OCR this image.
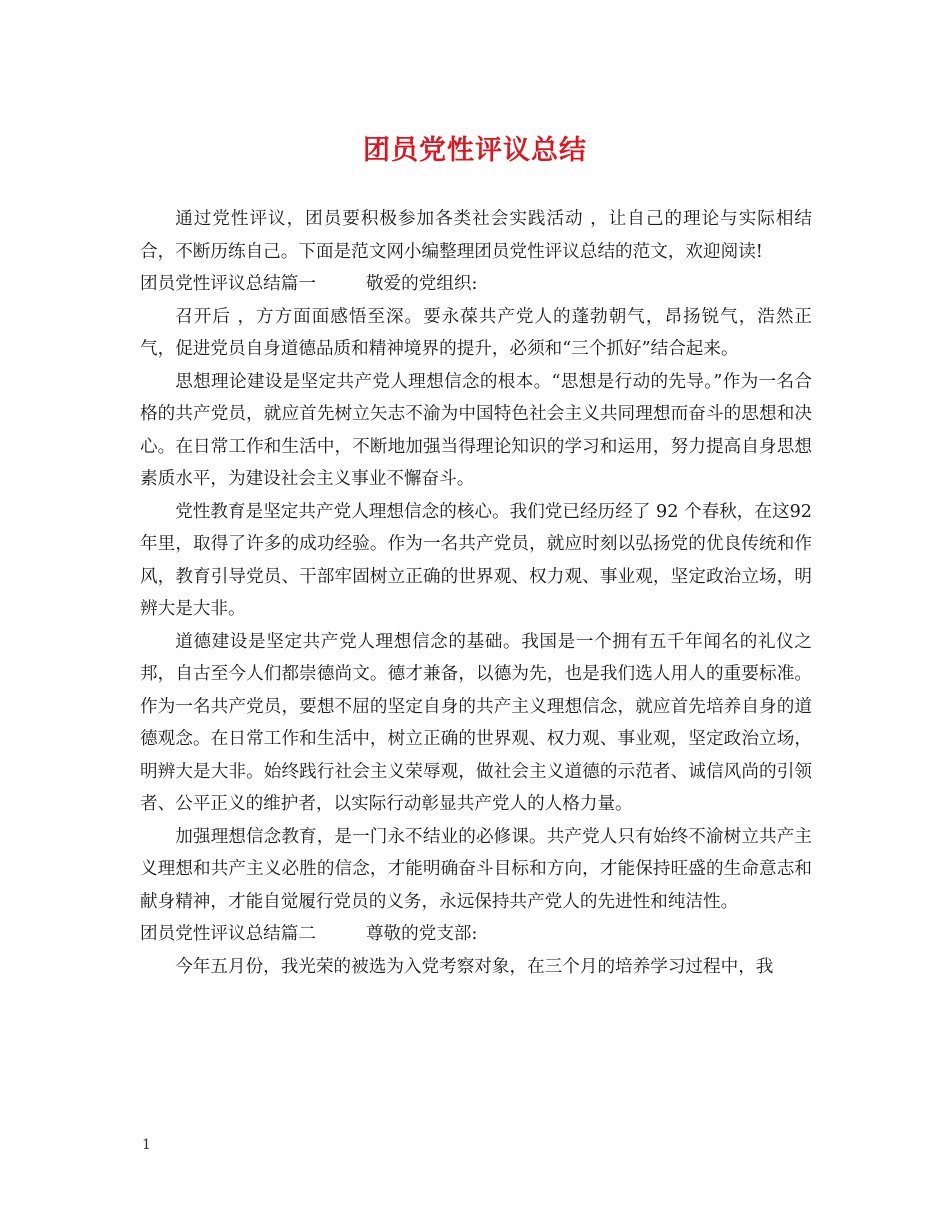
团员党性评议总结

通过党性评议，团员要积极参加各类社会实践活动 ，让自己的理论与实际相结合，不断历练自己。下面是范文网小编整理团员党性评议总结的范文，欢迎阅读!

团员党性评议总结篇一	敬爱的党组织:

召开后 ，方方面面感悟至深。要永葆共产党人的蓬勃朝气，昂扬锐气，浩然正气，促进党员自身道德品质和精神境界的提升，必须和“三个抓好”结合起来。

思想理论建设是坚定共产党人理想信念的根本。“思想是行动的先导。”作为一名合格的共产党员，就应首先树立矢志不渝为中国特色社会主义共同理想而奋斗的思想和决心。在日常工作和生活中，不断地加强当得理论知识的学习和运用，努力提高自身思想素质水平，为建设社会主义事业不懈奋斗。

党性教育是坚定共产党人理想信念的核心。我们党已经历经了 92 个春秋，在这92年里，取得了许多的成功经验。作为一名共产党员，就应时刻以弘扬党的优良传统和作风，教育引导党员、干部牢固树立正确的世界观、权力观、事业观，坚定政治立场，明辨大是大非。

道德建设是坚定共产党人理想信念的基础。我国是一个拥有五千年闻名的礼仪之邦，自古至今人们都崇德尚文。德才兼备，以德为先，也是我们选人用人的重要标准。作为一名共产党员，要想不屈的坚定自身的共产主义理想信念，就应首先培养自身的道德观念。在日常工作和生活中，树立正确的世界观、权力观、事业观，坚定政治立场，明辨大是大非。始终践行社会主义荣辱观，做社会主义道德的示范者、诚信风尚的引领者、公平正义的维护者，以实际行动彰显共产党人的人格力量。

加强理想信念教育，是一门永不结业的必修课。共产党人只有始终不渝树立共产主义理想和共产主义必胜的信念，才能明确奋斗目标和方向，才能保持旺盛的生命意志和献身精神，才能自觉履行党员的义务，永远保持共产党人的先进性和纯洁性。

团员党性评议总结篇二	尊敬的党支部:

今年五月份，我光荣的被选为入党考察对象，在三个月的培养学习过程中，我

1
